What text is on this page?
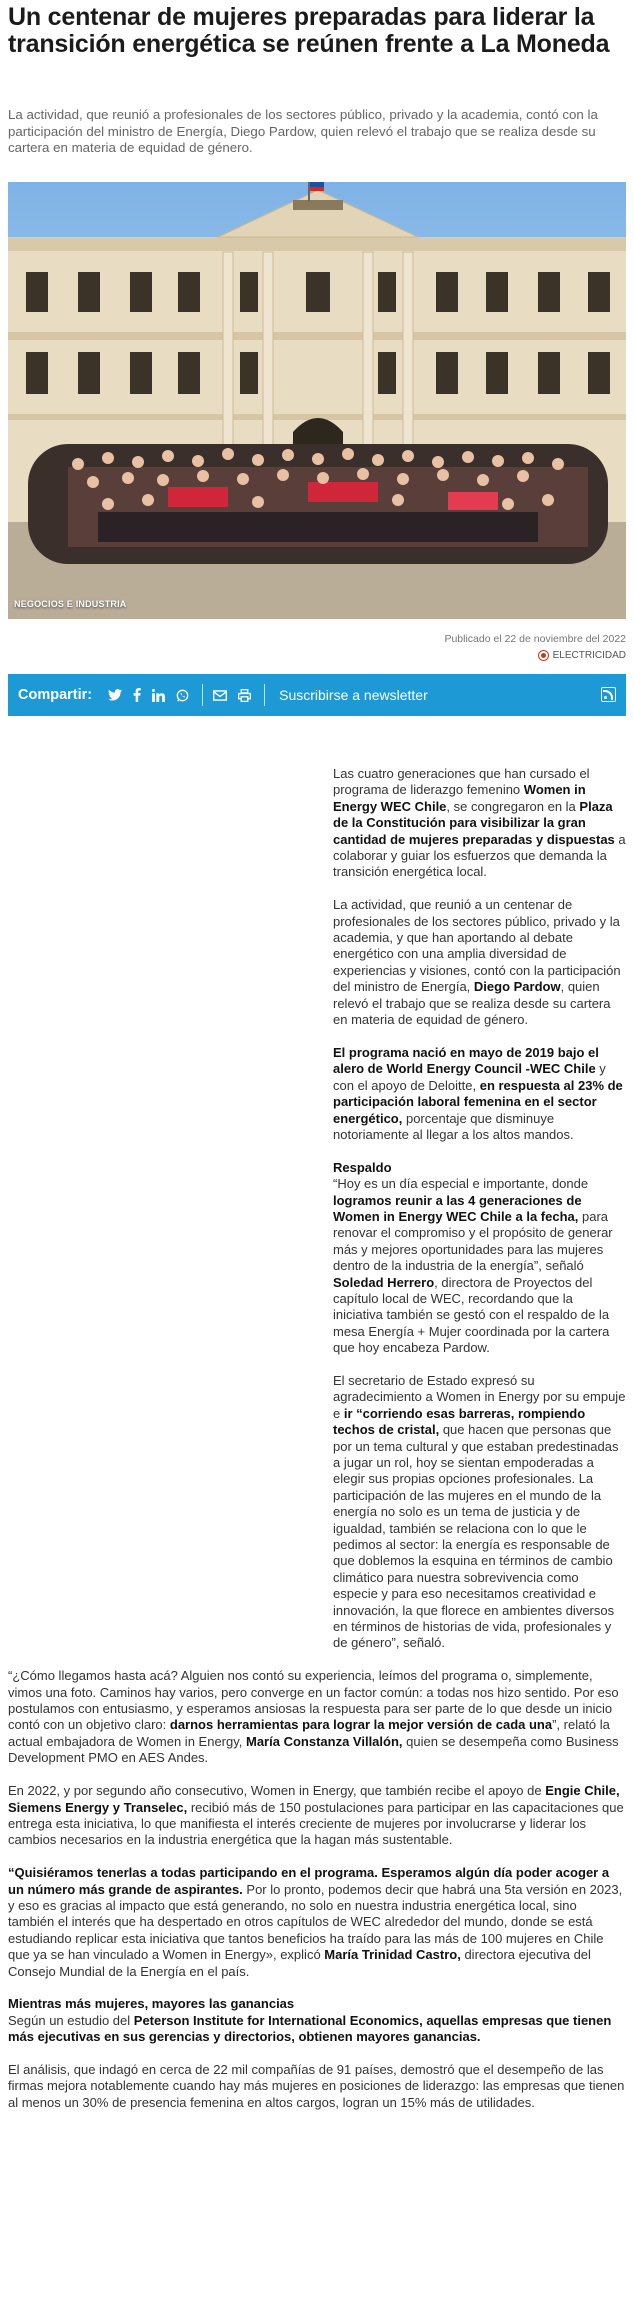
Un centenar de mujeres preparadas para liderar la transición energética se reúnen frente a La Moneda

La actividad, que reunió a profesionales de los sectores público, privado y la academia, contó con la participación del ministro de Energía, Diego Pardow, quien relevó el trabajo que se realiza desde su cartera en materia de equidad de género.

NEGOCIOS E INDUSTRIA
Publicado el 22 de noviembre del 2022
ELECTRICIDAD
Compartir:	Suscribirse a newsletter

Las cuatro generaciones que han cursado el programa de liderazgo femenino Women in Energy WEC Chile, se congregaron en la Plaza de la Constitución para visibilizar la gran cantidad de mujeres preparadas y dispuestas a colaborar y guiar los esfuerzos que demanda la transición energética local.

La actividad, que reunió a un centenar de profesionales de los sectores público, privado y la academia, y que han aportando al debate energético con una amplia diversidad de experiencias y visiones, contó con la participación del ministro de Energía, Diego Pardow, quien relevó el trabajo que se realiza desde su cartera en materia de equidad de género.

El programa nació en mayo de 2019 bajo el alero de World Energy Council -WEC Chile y con el apoyo de Deloitte, en respuesta al 23% de participación laboral femenina en el sector energético, porcentaje que disminuye notoriamente al llegar a los altos mandos.

Respaldo
“Hoy es un día especial e importante, donde logramos reunir a las 4 generaciones de Women in Energy WEC Chile a la fecha, para renovar el compromiso y el propósito de generar más y mejores oportunidades para las mujeres dentro de la industria de la energía”, señaló Soledad Herrero, directora de Proyectos del capítulo local de WEC, recordando que la iniciativa también se gestó con el respaldo de la mesa Energía + Mujer coordinada por la cartera que hoy encabeza Pardow.

El secretario de Estado expresó su agradecimiento a Women in Energy por su empuje e ir “corriendo esas barreras, rompiendo techos de cristal, que hacen que personas que por un tema cultural y que estaban predestinadas a jugar un rol, hoy se sientan empoderadas a elegir sus propias opciones profesionales. La participación de las mujeres en el mundo de la energía no solo es un tema de justicia y de igualdad, también se relaciona con lo que le pedimos al sector: la energía es responsable de que doblemos la esquina en términos de cambio climático para nuestra sobrevivencia como especie y para eso necesitamos creatividad e innovación, la que florece en ambientes diversos en términos de historias de vida, profesionales y de género”, señaló.

“¿Cómo llegamos hasta acá? Alguien nos contó su experiencia, leímos del programa o, simplemente, vimos una foto. Caminos hay varios, pero converge en un factor común: a todas nos hizo sentido. Por eso postulamos con entusiasmo, y esperamos ansiosas la respuesta para ser parte de lo que desde un inicio contó con un objetivo claro: darnos herramientas para lograr la mejor versión de cada una”, relató la actual embajadora de Women in Energy, María Constanza Villalón, quien se desempeña como Business Development PMO en AES Andes.

En 2022, y por segundo año consecutivo, Women in Energy, que también recibe el apoyo de Engie Chile, Siemens Energy y Transelec, recibió más de 150 postulaciones para participar en las capacitaciones que entrega esta iniciativa, lo que manifiesta el interés creciente de mujeres por involucrarse y liderar los cambios necesarios en la industria energética que la hagan más sustentable.

“Quisiéramos tenerlas a todas participando en el programa. Esperamos algún día poder acoger a un número más grande de aspirantes. Por lo pronto, podemos decir que habrá una 5ta versión en 2023, y eso es gracias al impacto que está generando, no solo en nuestra industria energética local, sino también el interés que ha despertado en otros capítulos de WEC alrededor del mundo, donde se está estudiando replicar esta iniciativa que tantos beneficios ha traído para las más de 100 mujeres en Chile que ya se han vinculado a Women in Energy», explicó María Trinidad Castro, directora ejecutiva del Consejo Mundial de la Energía en el país.

Mientras más mujeres, mayores las ganancias
Según un estudio del Peterson Institute for International Economics, aquellas empresas que tienen más ejecutivas en sus gerencias y directorios, obtienen mayores ganancias.

El análisis, que indagó en cerca de 22 mil compañías de 91 países, demostró que el desempeño de las firmas mejora notablemente cuando hay más mujeres en posiciones de liderazgo: las empresas que tienen al menos un 30% de presencia femenina en altos cargos, logran un 15% más de utilidades.
